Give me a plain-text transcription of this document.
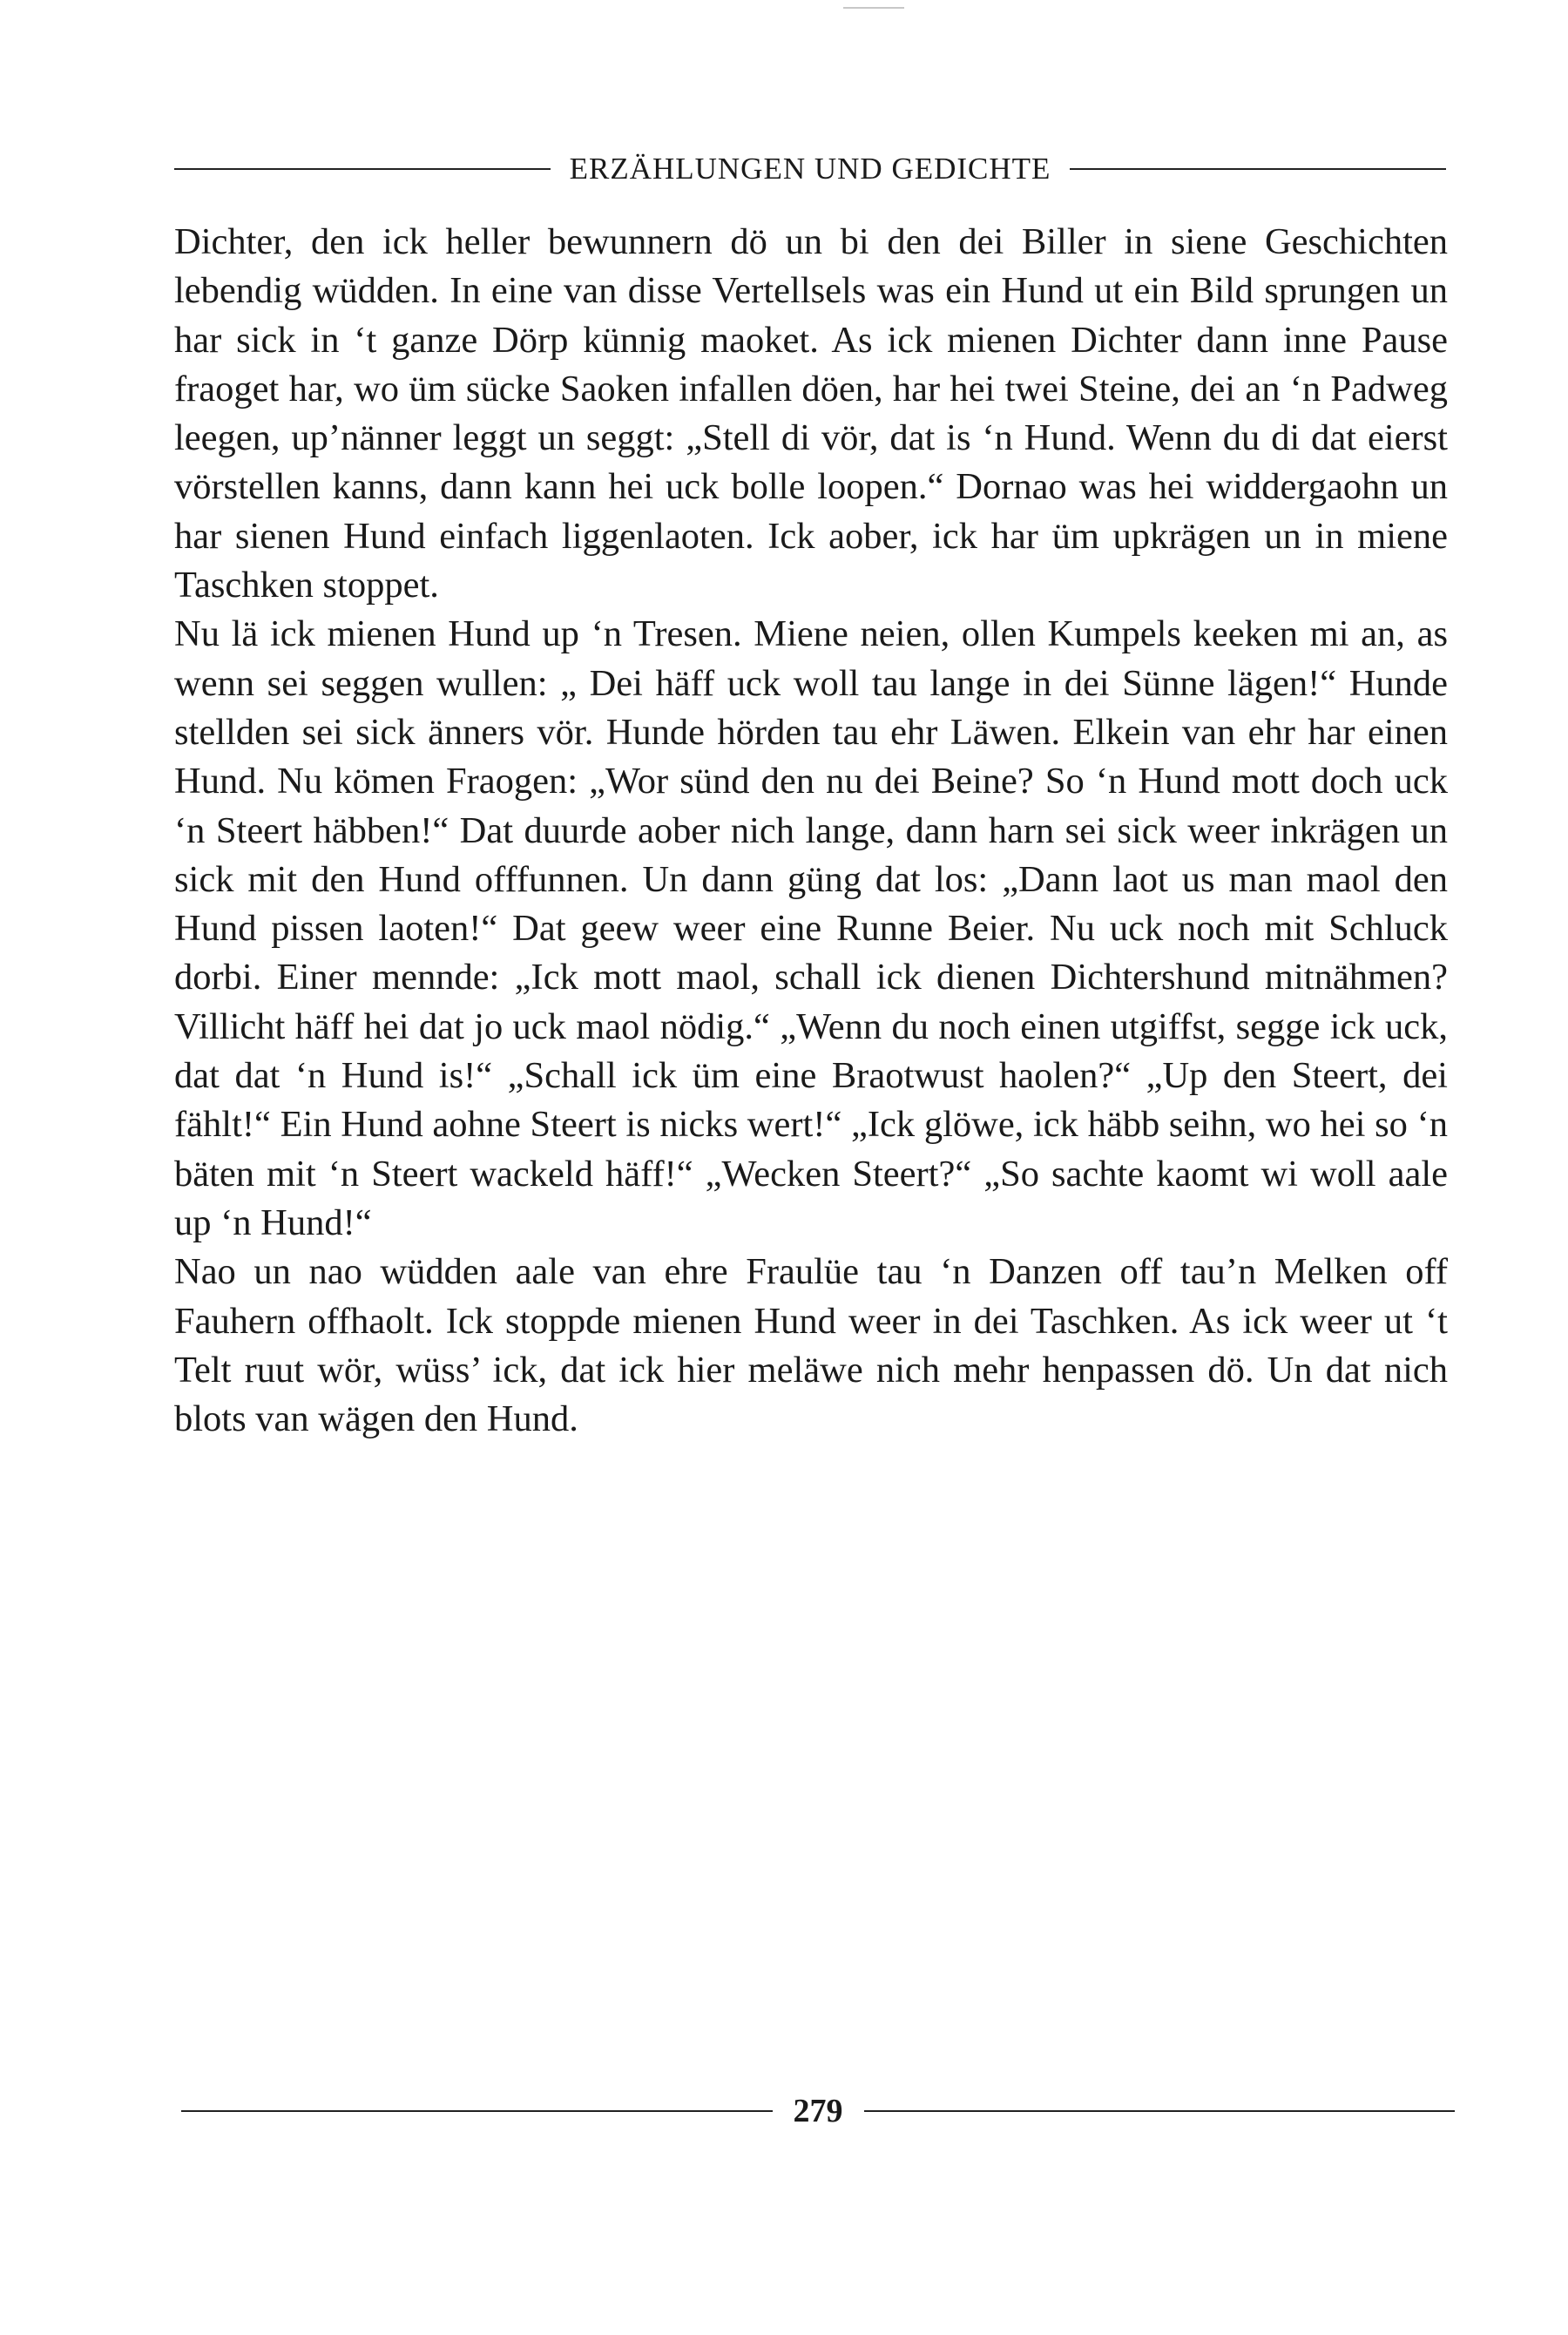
ERZÄHLUNGEN UND GEDICHTE

Dichter, den ick heller bewunnern dö un bi den dei Biller in siene Geschichten lebendig wüdden. In eine van disse Vertellsels was ein Hund ut ein Bild sprungen un har sick in ‘t ganze Dörp künnig maoket. As ick mienen Dichter dann inne Pause fraoget har, wo üm sücke Saoken infallen döen, har hei twei Steine, dei an ‘n Padweg leegen, up’nänner leggt un seggt: „Stell di vör, dat is ‘n Hund. Wenn du di dat eierst vörstellen kanns, dann kann hei uck bolle loopen.“ Dornao was hei widdergaohn un har sienen Hund einfach liggenlaoten. Ick aober, ick har üm upkrägen un in miene Taschken stoppet.

Nu lä ick mienen Hund up ‘n Tresen. Miene neien, ollen Kumpels keeken mi an, as wenn sei seggen wullen: „ Dei häff uck woll tau lange in dei Sünne lägen!“ Hunde stellden sei sick änners vör. Hunde hörden tau ehr Läwen. Elkein van ehr har einen Hund. Nu kömen Fraogen: „Wor sünd den nu dei Beine? So ‘n Hund mott doch uck ‘n Steert häbben!“ Dat duurde aober nich lange, dann harn sei sick weer inkrägen un sick mit den Hund offfunnen. Un dann güng dat los: „Dann laot us man maol den Hund pissen laoten!“ Dat geew weer eine Runne Beier. Nu uck noch mit Schluck dorbi. Einer mennde: „Ick mott maol, schall ick dienen Dichtershund mitnähmen? Villicht häff hei dat jo uck maol nödig.“ „Wenn du noch einen utgiffst, segge ick uck, dat dat ‘n Hund is!“ „Schall ick üm eine Braotwust haolen?“ „Up den Steert, dei fählt!“ Ein Hund aohne Steert is nicks wert!“ „Ick glöwe, ick häbb seihn, wo hei so ‘n bäten mit ‘n Steert wackeld häff!“ „Wecken Steert?“ „So sachte kaomt wi woll aale up ‘n Hund!“

Nao un nao wüdden aale van ehre Fraulüe tau ‘n Danzen off tau’n Melken off Fauhern offhaolt. Ick stoppde mienen Hund weer in dei Taschken. As ick weer ut ‘t Telt ruut wör, wüss’ ick, dat ick hier meläwe nich mehr henpassen dö. Un dat nich blots van wägen den Hund.

279
